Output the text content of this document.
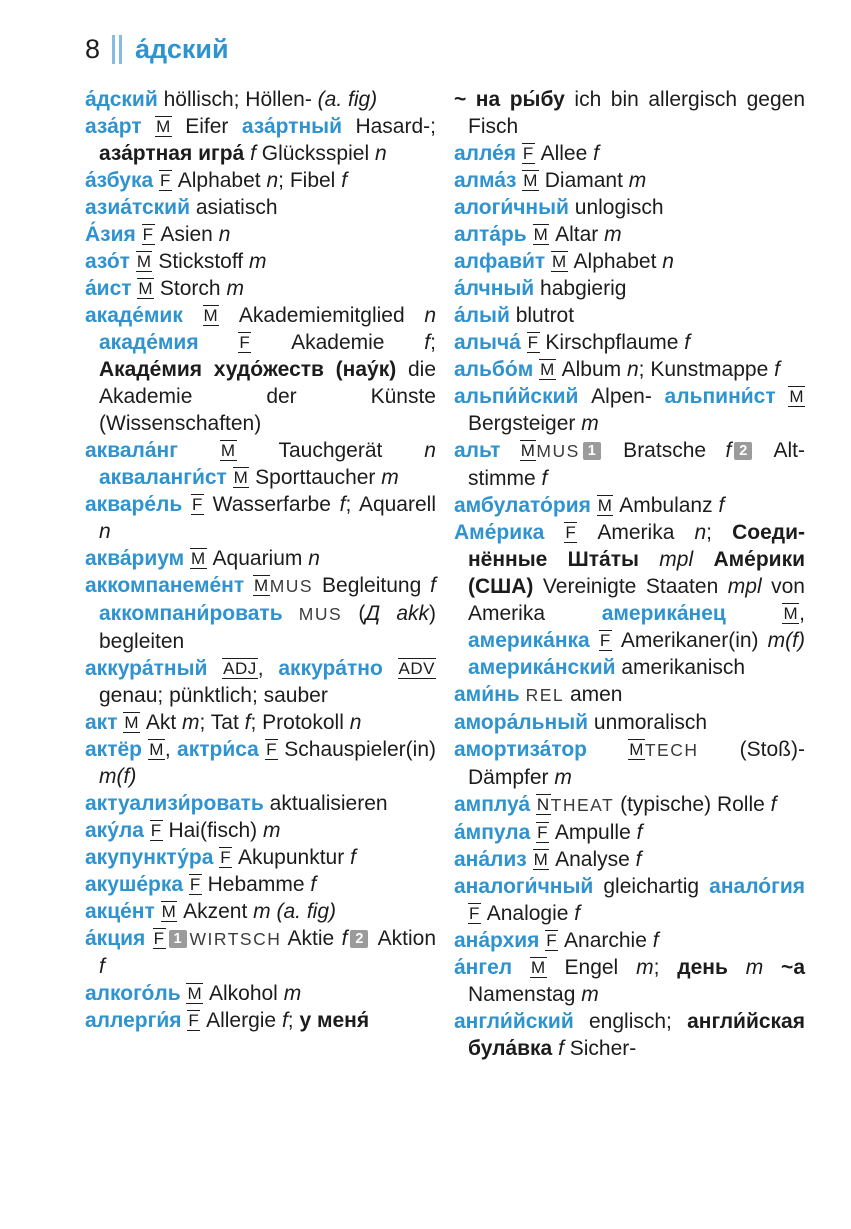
8 а́дский

а́дский höllisch; Höllen- (a. fig)

аза́рт М Eifer аза́ртный Hasard-; аза́ртная игра́ f Glücksspiel n

а́збука F Alphabet n; Fibel f

азиа́тский asiatisch

А́зия F Asien n

азо́т М Stickstoff m

а́ист М Storch m

акаде́мик М Akademiemitglied n акаде́мия F Akademie f; Акаде́мия худо́жеств (нау́к) die Akademie der Künste (Wissenschaften)

аквала́нг М Tauchgerät n акваланги́ст М Sporttaucher m

акваре́ль F Wasserfarbe f; Aquarell n

аква́риум М Aquarium n

аккомпанеме́нт МMUS Begleitung f аккомпани́ровать MUS (Д akk) begleiten

аккура́тный ADJ, аккура́тно ADV genau; pünktlich; sauber

акт М Akt m; Tat f; Protokoll n

актёр М, актри́са F Schauspieler(in) m(f)

актуализи́ровать aktualisieren

аку́ла F Hai(fisch) m

акупункту́ра F Akupunktur f

акуше́рка F Hebamme f

акце́нт М Akzent m (a. fig)

а́кция F 1 WIRTSCH Aktie f 2 Aktion f

алкого́ль М Alkohol m

аллерги́я F Allergie f; у меня́

~ на ры́бу ich bin allergisch gegen Fisch

алле́я F Allee f

алма́з М Diamant m

алоги́чный unlogisch

алта́рь М Altar m

алфави́т М Alphabet n

а́лчный habgierig

а́лый blutrot

алыча́ F Kirschpflaume f

альбо́м М Album n; Kunstmappe f

альпи́йский Alpen- альпини́ст М Bergsteiger m

альт МMUS 1 Bratsche f 2 Altstimme f

амбулато́рия М Ambulanz f

Аме́рика F Amerika n; Соединённые Шта́ты mpl Аме́рики (США) Vereinigte Staaten mpl von Amerika америка́нец М, америка́нка F Amerikaner(in) m(f) америка́нский amerikanisch

ами́нь REL amen

амора́льный unmoralisch

амортиза́тор МTECH (Stoß)-Dämpfer m

амплуа́ NTHEAT (typische) Rolle f

а́мпула F Ampulle f

ана́лиз М Analyse f

аналоги́чный gleichartig анало́гия F Analogie f

ана́рхия F Anarchie f

а́нгел М Engel m; день m ~а Namenstag m

англи́йский englisch; англи́йская була́вка f Sicher-
